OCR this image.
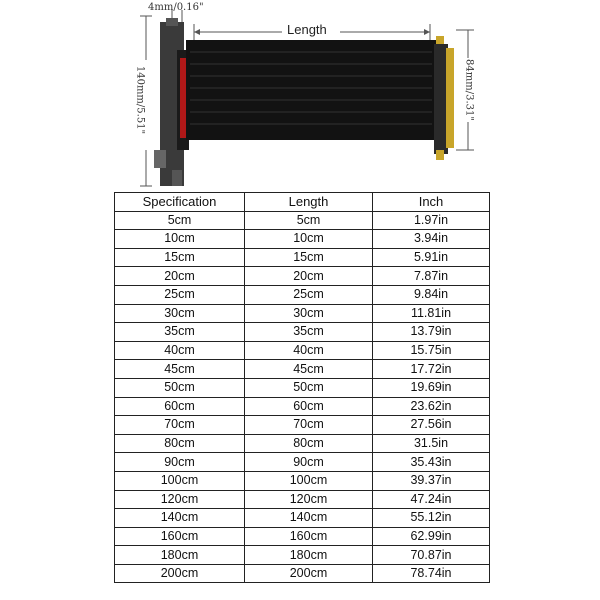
4mm/0.16"
Length
140mm/5.51"	84mm/3.31"
Specification	Length	Inch
5cm	5cm	1.97in
10cm	10cm	3.94in
15cm	15cm	5.91in
20cm	20cm	7.87in
25cm	25cm	9.84in
30cm	30cm	11.81in
35cm	35cm	13.79in
40cm	40cm	15.75in
45cm	45cm	17.72in
50cm	50cm	19.69in
60cm	60cm	23.62in
70cm	70cm	27.56in
80cm	80cm	31.5in
90cm	90cm	35.43in
100cm	100cm	39.37in
120cm	120cm	47.24in
140cm	140cm	55.12in
160cm	160cm	62.99in
180cm	180cm	70.87in
200cm	200cm	78.74in
